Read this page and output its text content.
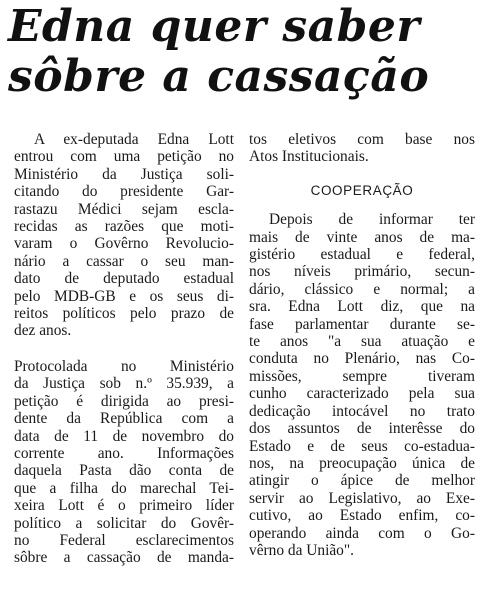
Edna quer saber
sôbre a cassação
A ex-deputada Edna Lott
entrou com uma petição no
Ministério da Justiça soli-
citando do presidente Gar-
rastazu Médici sejam escla-
recidas as razões que moti-
varam o Govêrno Revolucio-
nário a cassar o seu man-
dato de deputado estadual
pelo MDB-GB e os seus di-
reitos políticos pelo prazo de
dez anos.
Protocolada no Ministério
da Justiça sob n.º 35.939, a
petição é dirigida ao presi-
dente da República com a
data de 11 de novembro do
corrente ano. Informações
daquela Pasta dão conta de
que a filha do marechal Tei-
xeira Lott é o primeiro líder
político a solicitar do Govêr-
no Federal esclarecimentos
sôbre a cassação de manda-
tos eletivos com base nos
Atos Institucionais.
COOPERAÇÃO
Depois de informar ter
mais de vinte anos de ma-
gistério estadual e federal,
nos níveis primário, secun-
dário, clássico e normal; a
sra. Edna Lott diz, que na
fase parlamentar durante se-
te anos "a sua atuação e
conduta no Plenário, nas Co-
missões, sempre tiveram
cunho caracterizado pela sua
dedicação intocável no trato
dos assuntos de interêsse do
Estado e de seus co-estadua-
nos, na preocupação única de
atingir o ápice de melhor
servir ao Legislativo, ao Exe-
cutivo, ao Estado enfim, co-
operando ainda com o Go-
vêrno da União".
